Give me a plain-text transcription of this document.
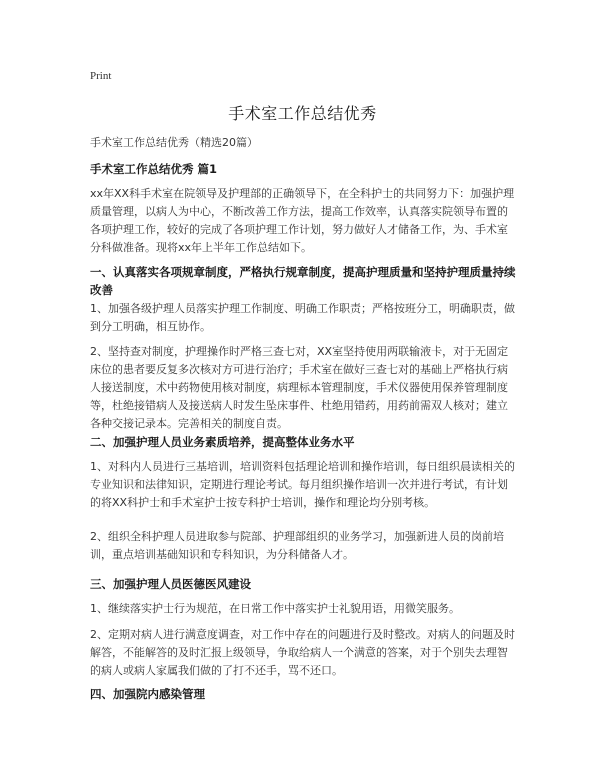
Print
手术室工作总结优秀

手术室工作总结优秀（精选20篇）

手术室工作总结优秀 篇1

xx年XX科手术室在院领导及护理部的正确领导下，在全科护士的共同努力下：加强护理质量管理，以病人为中心，不断改善工作方法，提高工作效率，认真落实院领导布置的各项护理工作，较好的完成了各项护理工作计划，努力做好人才储备工作，为、手术室分科做准备。现将xx年上半年工作总结如下。

一、认真落实各项规章制度，严格执行规章制度，提高护理质量和坚持护理质量持续改善

1、加强各级护理人员落实护理工作制度、明确工作职责；严格按班分工，明确职责，做到分工明确，相互协作。

2、坚持查对制度，护理操作时严格三查七对，XX室坚持使用两联输液卡，对于无固定床位的患者要反复多次核对方可进行治疗；手术室在做好三查七对的基础上严格执行病人接送制度，术中药物使用核对制度，病理标本管理制度，手术仪器使用保养管理制度等，杜绝接错病人及接送病人时发生坠床事件、杜绝用错药，用药前需双人核对；建立各种交接记录本。完善相关的制度自责。

二、加强护理人员业务素质培养，提高整体业务水平

1、对科内人员进行三基培训，培训资料包括理论培训和操作培训，每日组织晨读相关的专业知识和法律知识，定期进行理论考试。每月组织操作培训一次并进行考试，有计划的将XX科护士和手术室护士按专科护士培训，操作和理论均分别考核。

2、组织全科护理人员进取参与院部、护理部组织的业务学习，加强新进人员的岗前培训，重点培训基础知识和专科知识，为分科储备人才。

三、加强护理人员医德医风建设

1、继续落实护士行为规范，在日常工作中落实护士礼貌用语，用微笑服务。

2、定期对病人进行满意度调查，对工作中存在的问题进行及时整改。对病人的问题及时解答，不能解答的及时汇报上级领导，争取给病人一个满意的答案，对于个别失去理智的病人或病人家属我们做的了打不还手，骂不还口。

四、加强院内感染管理
